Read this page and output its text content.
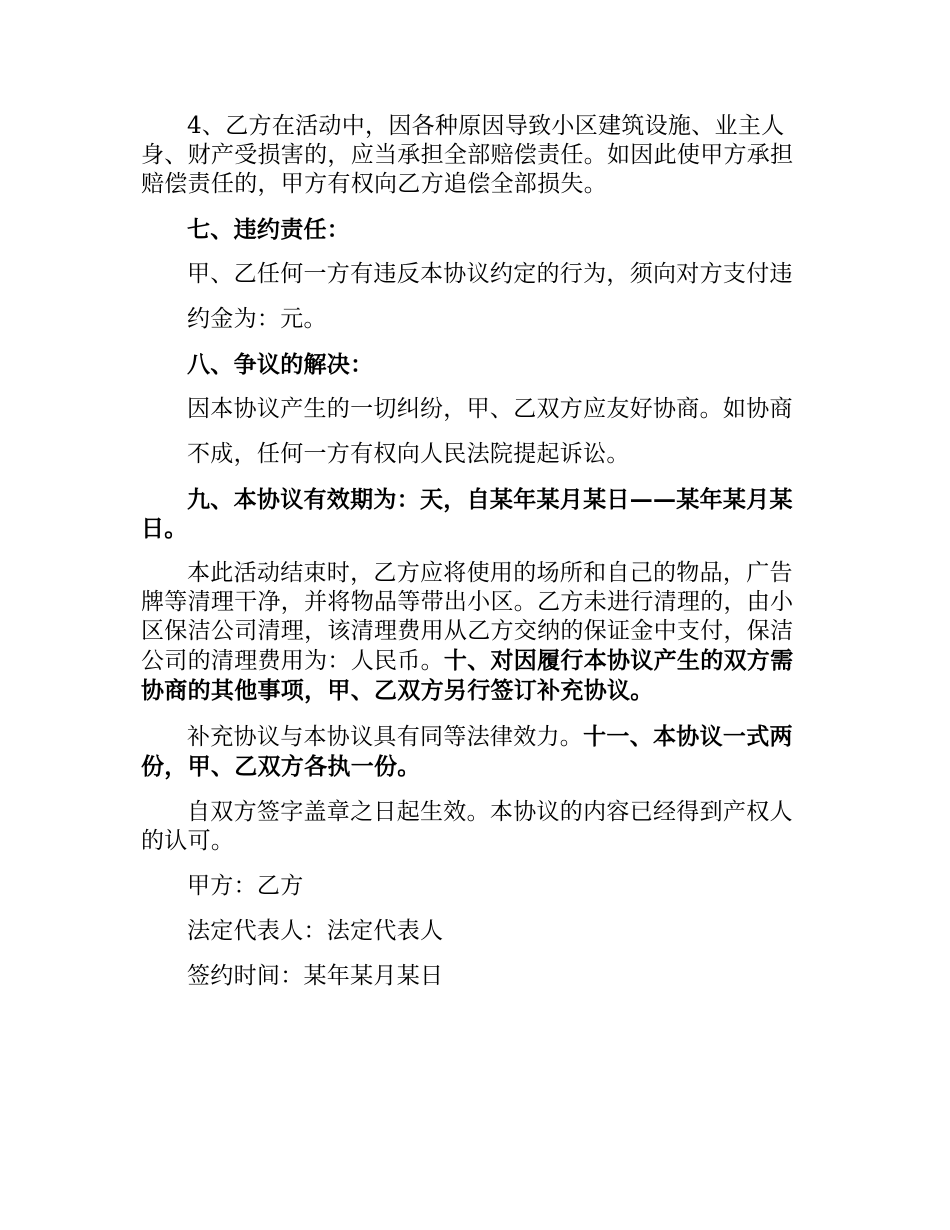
4、乙方在活动中，因各种原因导致小区建筑设施、业主人身、财产受损害的，应当承担全部赔偿责任。如因此使甲方承担赔偿责任的，甲方有权向乙方追偿全部损失。

七、违约责任：

甲、乙任何一方有违反本协议约定的行为，须向对方支付违

约金为：元。

八、争议的解决：

因本协议产生的一切纠纷，甲、乙双方应友好协商。如协商

不成，任何一方有权向人民法院提起诉讼。

九、本协议有效期为：天，自某年某月某日——某年某月某日。

本此活动结束时，乙方应将使用的场所和自己的物品，广告牌等清理干净，并将物品等带出小区。乙方未进行清理的，由小区保洁公司清理，该清理费用从乙方交纳的保证金中支付，保洁公司的清理费用为：人民币。十、对因履行本协议产生的双方需协商的其他事项，甲、乙双方另行签订补充协议。

补充协议与本协议具有同等法律效力。十一、本协议一式两份，甲、乙双方各执一份。

自双方签字盖章之日起生效。本协议的内容已经得到产权人的认可。

甲方：乙方

法定代表人：法定代表人

签约时间：某年某月某日
